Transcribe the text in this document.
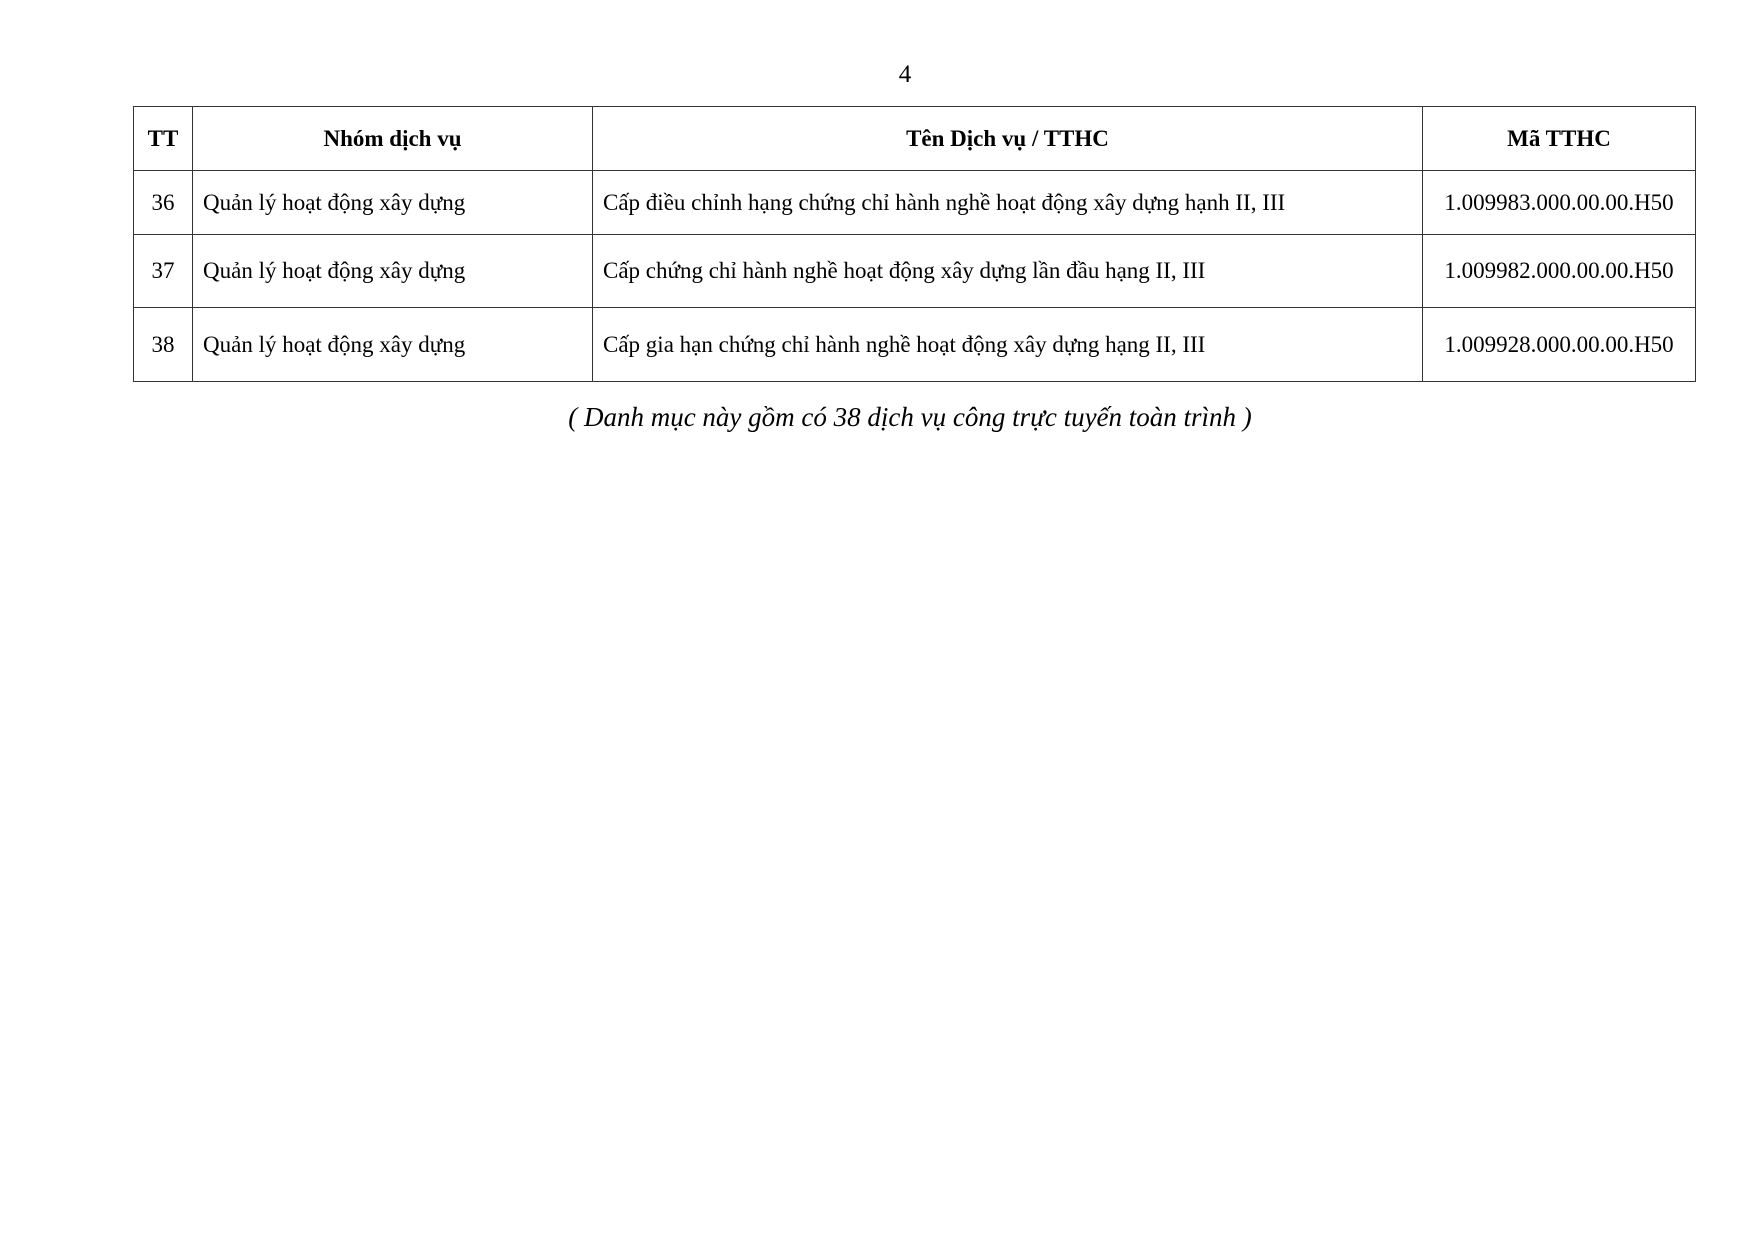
4
TT	Nhóm dịch vụ	Tên Dịch vụ / TTHC	Mã TTHC
36	Quản lý hoạt động xây dựng	Cấp điều chỉnh hạng chứng chỉ hành nghề hoạt động xây dựng hạnh II, III	1.009983.000.00.00.H50
37	Quản lý hoạt động xây dựng	Cấp chứng chỉ hành nghề hoạt động xây dựng lần đầu hạng II, III	1.009982.000.00.00.H50
38	Quản lý hoạt động xây dựng	Cấp gia hạn chứng chỉ hành nghề hoạt động xây dựng hạng II, III	1.009928.000.00.00.H50
( Danh mục này gồm có 38 dịch vụ công trực tuyến toàn trình )
